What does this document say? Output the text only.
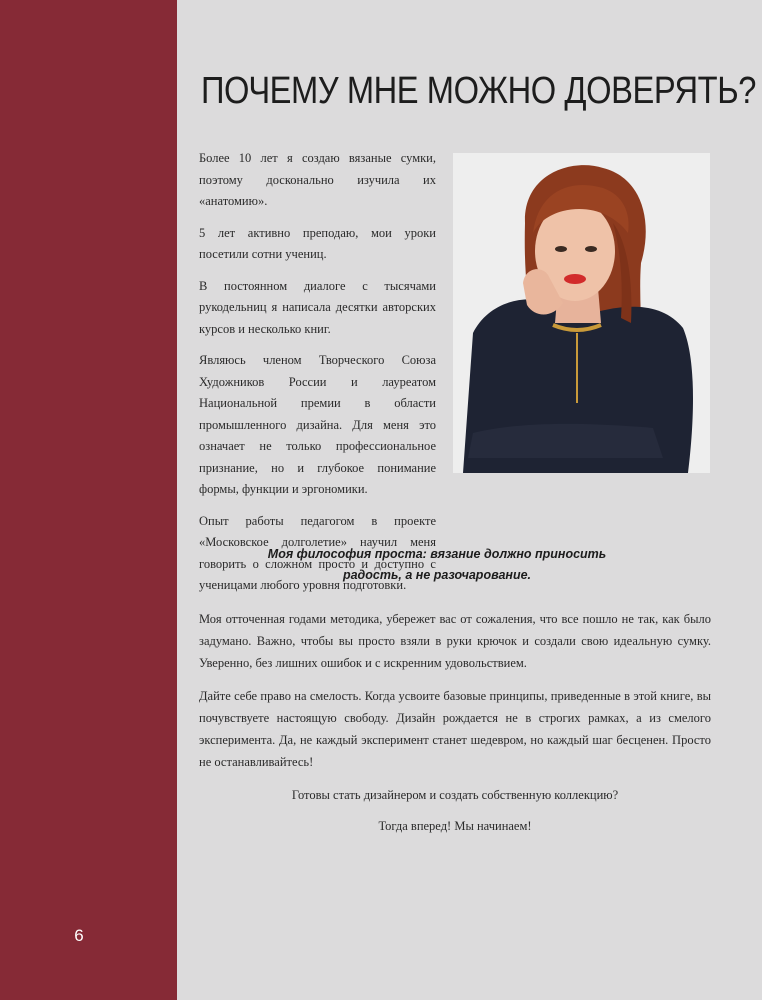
6
ПОЧЕМУ МНЕ МОЖНО ДОВЕРЯТЬ?

Более 10 лет я создаю вязаные сумки, поэтому досконально изучила их «анатомию».

5 лет активно преподаю, мои уроки посетили сотни учениц.

В постоянном диалоге с тысячами рукодельниц я написала десятки авторских курсов и несколько книг.

Являюсь членом Творческого Союза Художников России и лауреатом Национальной премии в области промышленного дизайна. Для меня это означает не только профессиональное признание, но и глубокое понимание формы, функции и эргономики.

Опыт работы педагогом в проекте «Московское долголетие» научил меня говорить о сложном просто и доступно с ученицами любого уровня подготовки.

Моя философия проста: вязание должно приносить
радость, а не разочарование.

Моя отточенная годами методика, убережет вас от сожаления, что все пошло не так, как было задумано. Важно, чтобы вы просто взяли в руки крючок и создали свою идеальную сумку. Уверенно, без лишних ошибок и с искренним удовольствием.

Дайте себе право на смелость. Когда усвоите базовые принципы, приведенные в этой книге, вы почувствуете настоящую свободу. Дизайн рождается не в строгих рамках, а из смелого эксперимента. Да, не каждый эксперимент станет шедевром, но каждый шаг бесценен. Просто не останавливайтесь!

Готовы стать дизайнером и создать собственную коллекцию?

Тогда вперед! Мы начинаем!
